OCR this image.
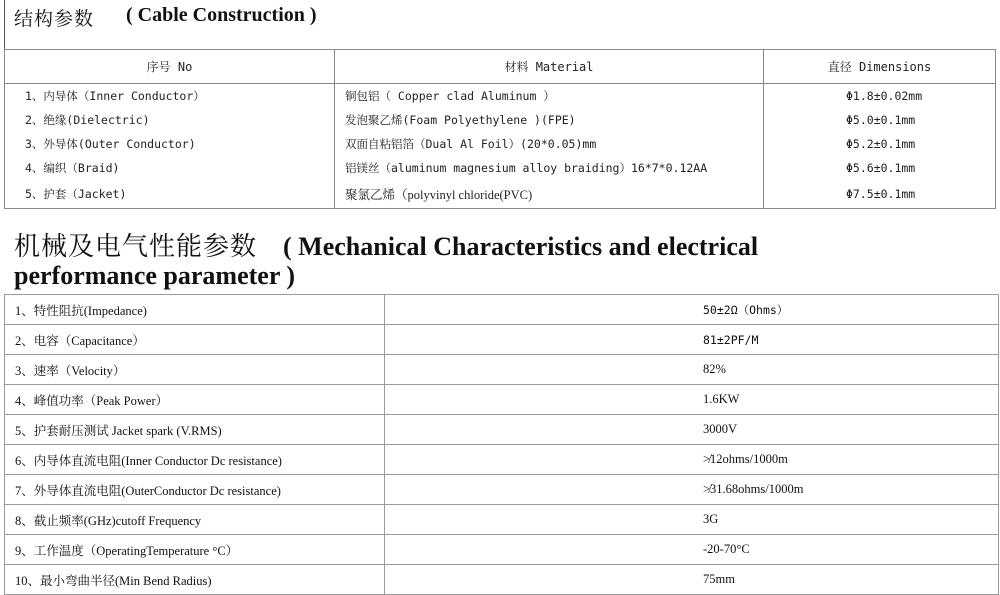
结构参数 ( Cable Construction )
序号 No	材料 Material	直径 Dimensions
1、内导体（Inner Conductor）	铜包铝（ Copper clad Aluminum ）	Φ1.8±0.02mm
2、绝缘(Dielectric)	发泡聚乙烯(Foam Polyethylene )(FPE)	Φ5.0±0.1mm
3、外导体(Outer Conductor)	双面自粘铝箔（Dual Al Foil）(20*0.05)mm	Φ5.2±0.1mm
4、编织（Braid)	铝镁丝（aluminum magnesium alloy braiding）16*7*0.12AA	Φ5.6±0.1mm
5、护套（Jacket)	聚氯乙烯（polyvinyl chloride(PVC)	Φ7.5±0.1mm
机械及电气性能参数 ( Mechanical Characteristics and electrical
performance parameter )
1、特性阻抗(Impedance)	50±2Ω（Ohms）
2、电容（Capacitance）	81±2PF/M
3、速率（Velocity）	82%
4、峰值功率（Peak Power）	1.6KW
5、护套耐压测试 Jacket spark (V.RMS)	3000V
6、内导体直流电阻(Inner Conductor Dc resistance)	≯12ohms/1000m
7、外导体直流电阻(OuterConductor Dc resistance)	≯31.68ohms/1000m
8、截止频率(GHz)cutoff Frequency	3G
9、工作温度（OperatingTemperature °C）	-20-70°C
10、最小弯曲半径(Min Bend Radius)	75mm
